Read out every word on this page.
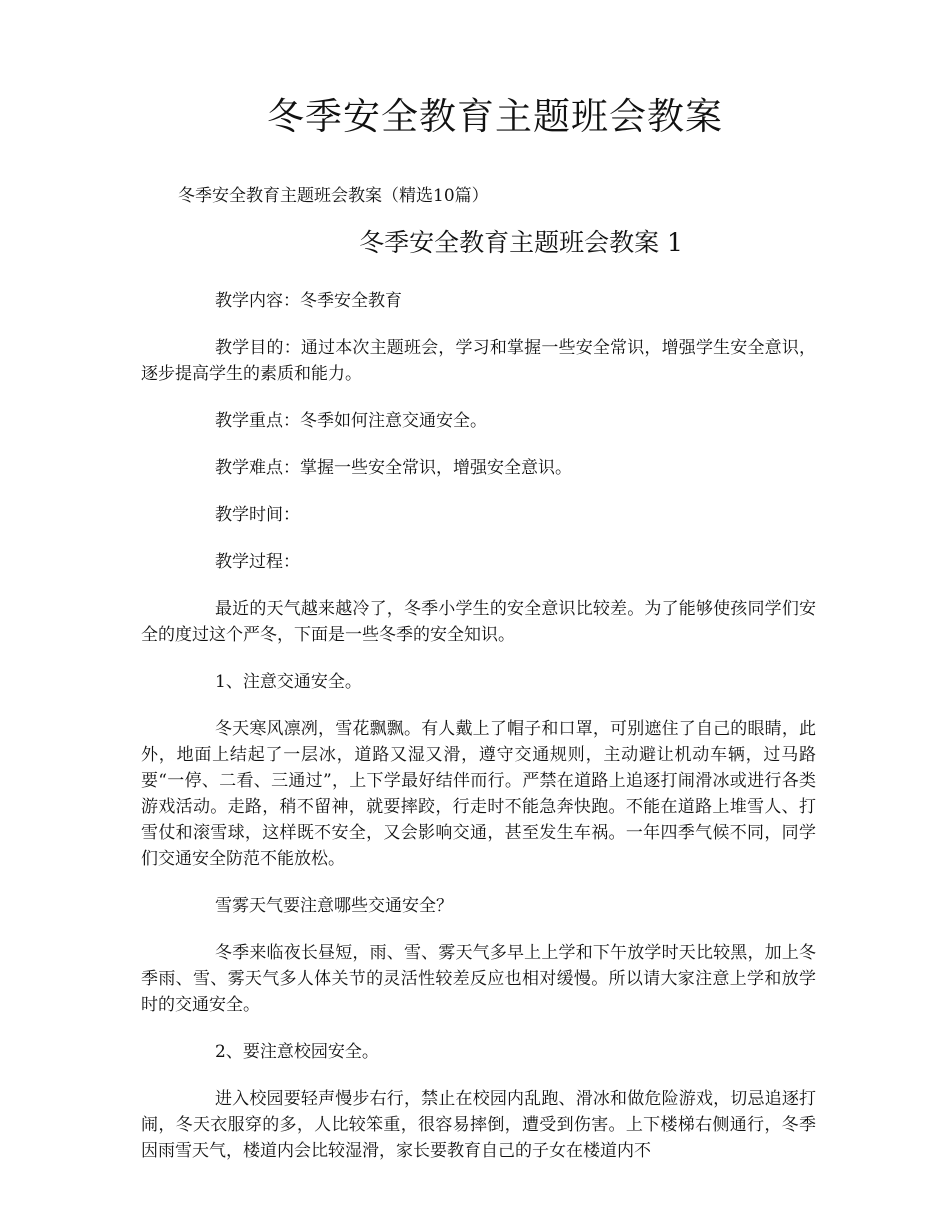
冬季安全教育主题班会教案

冬季安全教育主题班会教案（精选10篇）

冬季安全教育主题班会教案 1

教学内容：冬季安全教育

教学目的：通过本次主题班会，学习和掌握一些安全常识，增强学生安全意识，逐步提高学生的素质和能力。

教学重点：冬季如何注意交通安全。

教学难点：掌握一些安全常识，增强安全意识。

教学时间：

教学过程：

最近的天气越来越冷了，冬季小学生的安全意识比较差。为了能够使孩同学们安全的度过这个严冬，下面是一些冬季的安全知识。

1、注意交通安全。

冬天寒风凛冽，雪花飘飘。有人戴上了帽子和口罩，可别遮住了自己的眼睛，此外，地面上结起了一层冰，道路又湿又滑，遵守交通规则，主动避让机动车辆，过马路要“一停、二看、三通过”，上下学最好结伴而行。严禁在道路上追逐打闹滑冰或进行各类游戏活动。走路，稍不留神，就要摔跤，行走时不能急奔快跑。不能在道路上堆雪人、打雪仗和滚雪球，这样既不安全，又会影响交通，甚至发生车祸。一年四季气候不同，同学们交通安全防范不能放松。

雪雾天气要注意哪些交通安全？

冬季来临夜长昼短，雨、雪、雾天气多早上上学和下午放学时天比较黑，加上冬季雨、雪、雾天气多人体关节的灵活性较差反应也相对缓慢。所以请大家注意上学和放学时的交通安全。

2、要注意校园安全。

进入校园要轻声慢步右行，禁止在校园内乱跑、滑冰和做危险游戏，切忌追逐打闹，冬天衣服穿的多，人比较笨重，很容易摔倒，遭受到伤害。上下楼梯右侧通行，冬季因雨雪天气，楼道内会比较湿滑，家长要教育自己的子女在楼道内不
